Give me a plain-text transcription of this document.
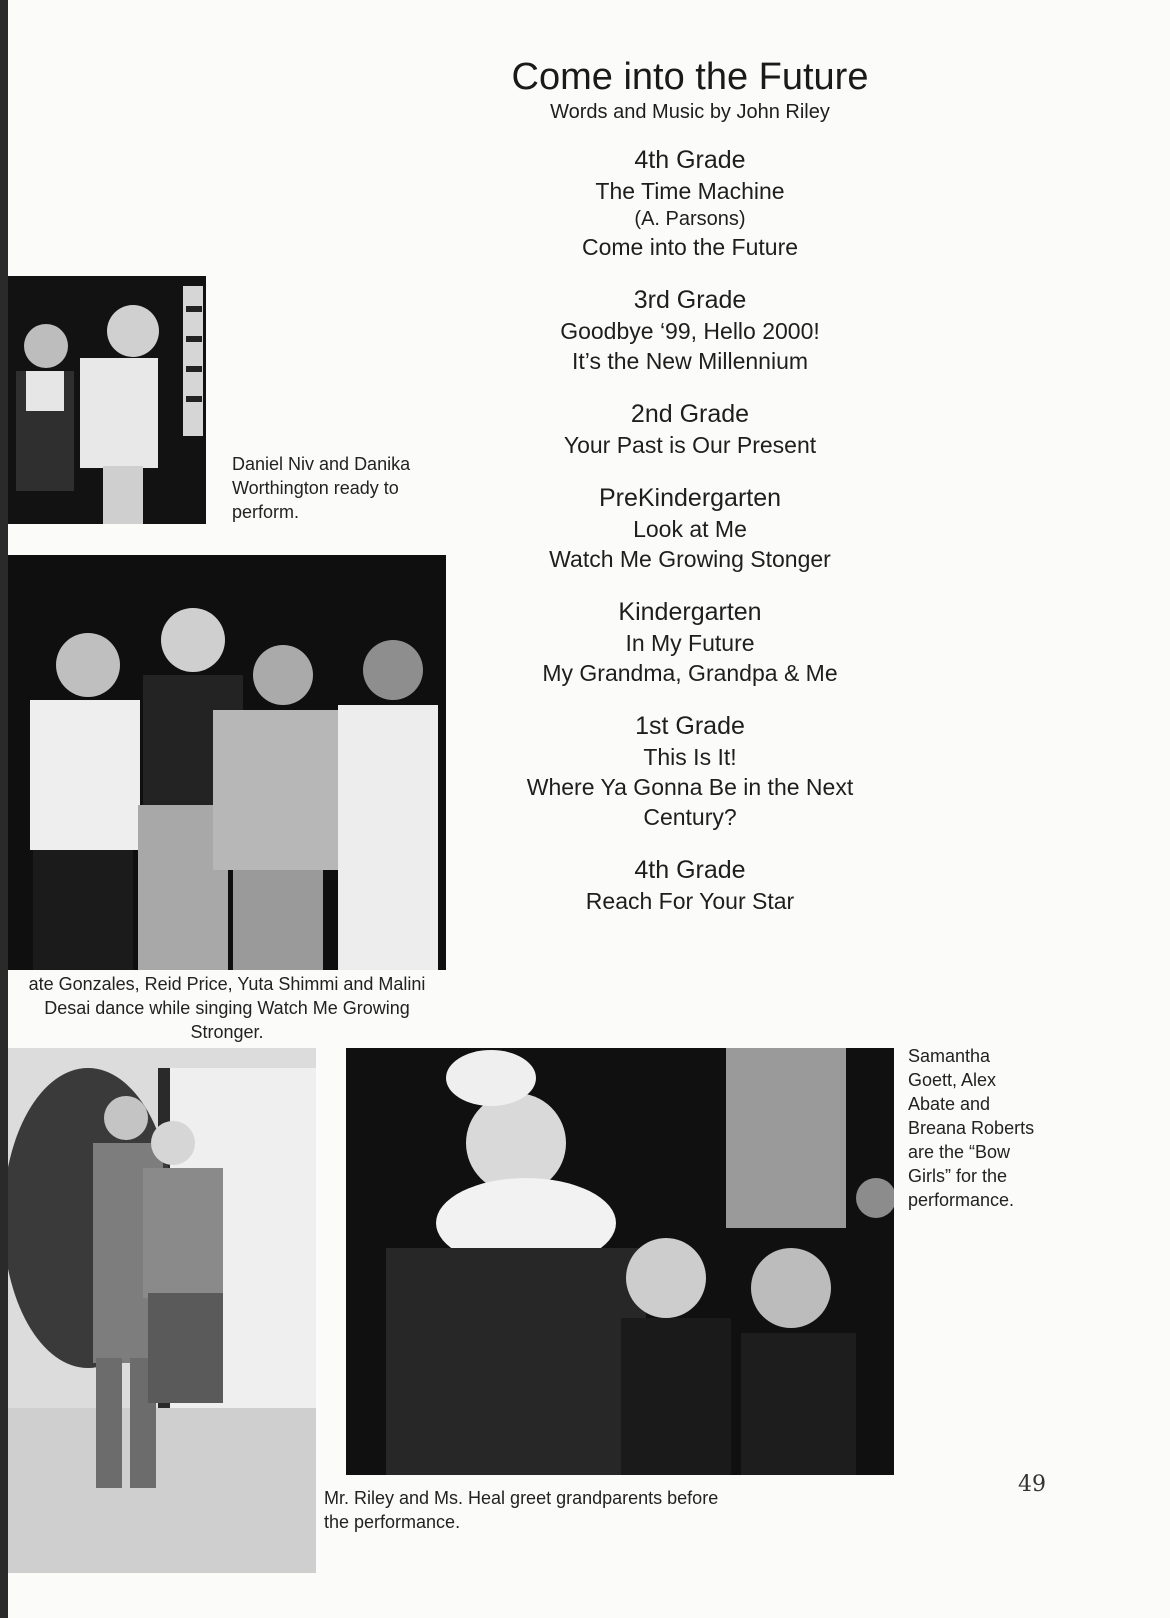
Daniel Niv and Danika
Worthington ready to
perform.
ate Gonzales, Reid Price, Yuta Shimmi and Malini
Desai dance while singing Watch Me Growing
Stronger.
Mr. Riley and Ms. Heal greet grandparents before
the performance.
Samantha
Goett, Alex
Abate and
Breana Roberts
are the “Bow
Girls” for the
performance.
Come into the Future
Words and Music by John Riley
4th Grade
The Time Machine
(A. Parsons)
Come into the Future
3rd Grade
Goodbye ‘99, Hello 2000!
It’s the New Millennium
2nd Grade
Your Past is Our Present
PreKindergarten
Look at Me
Watch Me Growing Stonger
Kindergarten
In My Future
My Grandma, Grandpa & Me
1st Grade
This Is It!
Where Ya Gonna Be in the Next
Century?
4th Grade
Reach For Your Star
49
